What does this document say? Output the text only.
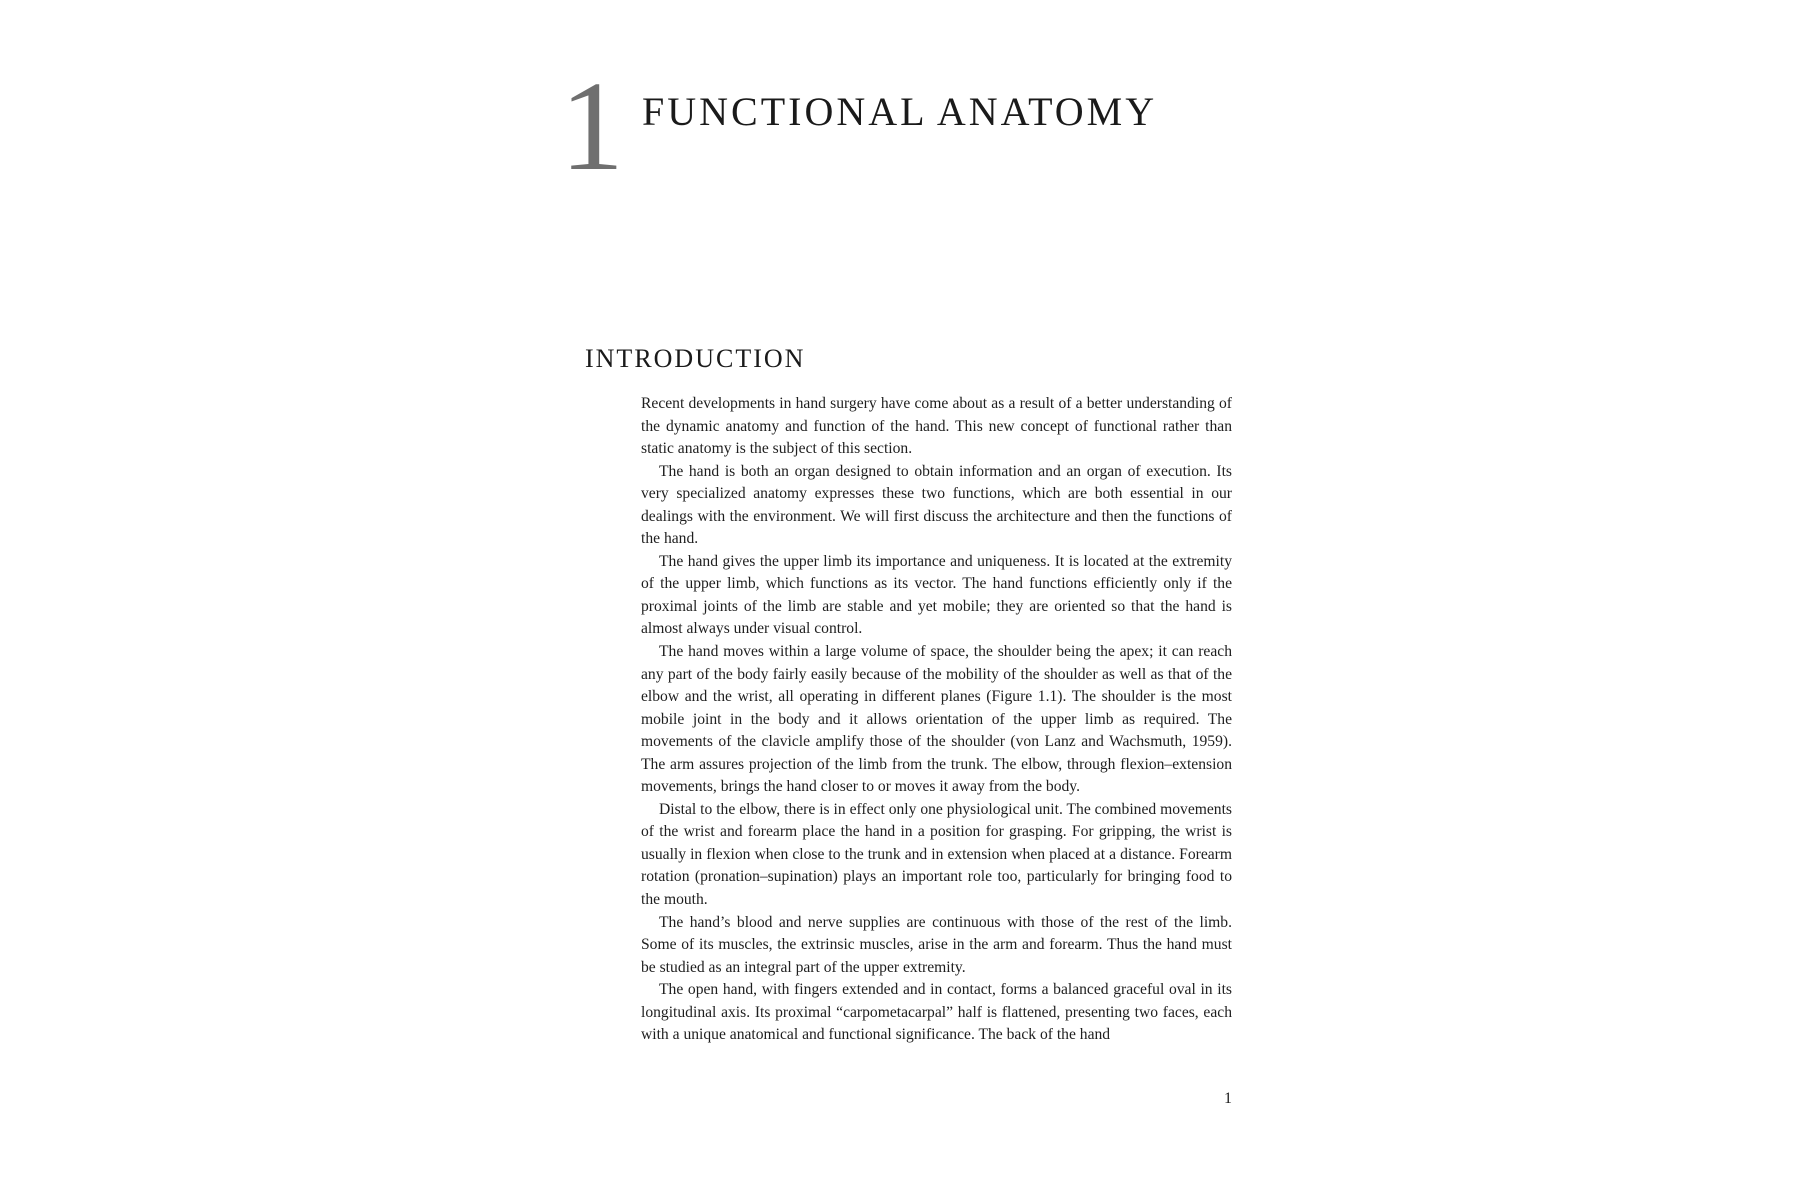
1 FUNCTIONAL ANATOMY
INTRODUCTION

Recent developments in hand surgery have come about as a result of a better understanding of the dynamic anatomy and function of the hand. This new concept of functional rather than static anatomy is the subject of this section.

The hand is both an organ designed to obtain information and an organ of execution. Its very specialized anatomy expresses these two functions, which are both essential in our dealings with the environment. We will first discuss the architecture and then the functions of the hand.

The hand gives the upper limb its importance and uniqueness. It is located at the extremity of the upper limb, which functions as its vector. The hand functions efficiently only if the proximal joints of the limb are stable and yet mobile; they are oriented so that the hand is almost always under visual control.

The hand moves within a large volume of space, the shoulder being the apex; it can reach any part of the body fairly easily because of the mobility of the shoulder as well as that of the elbow and the wrist, all operating in different planes (Figure 1.1). The shoulder is the most mobile joint in the body and it allows orientation of the upper limb as required. The movements of the clavicle amplify those of the shoulder (von Lanz and Wachsmuth, 1959). The arm assures projection of the limb from the trunk. The elbow, through flexion–extension movements, brings the hand closer to or moves it away from the body.

Distal to the elbow, there is in effect only one physiological unit. The combined movements of the wrist and forearm place the hand in a position for grasping. For gripping, the wrist is usually in flexion when close to the trunk and in extension when placed at a distance. Forearm rotation (pronation–supination) plays an important role too, particularly for bringing food to the mouth.

The hand’s blood and nerve supplies are continuous with those of the rest of the limb. Some of its muscles, the extrinsic muscles, arise in the arm and forearm. Thus the hand must be studied as an integral part of the upper extremity.

The open hand, with fingers extended and in contact, forms a balanced graceful oval in its longitudinal axis. Its proximal “carpometacarpal” half is flattened, presenting two faces, each with a unique anatomical and functional significance. The back of the hand

1
